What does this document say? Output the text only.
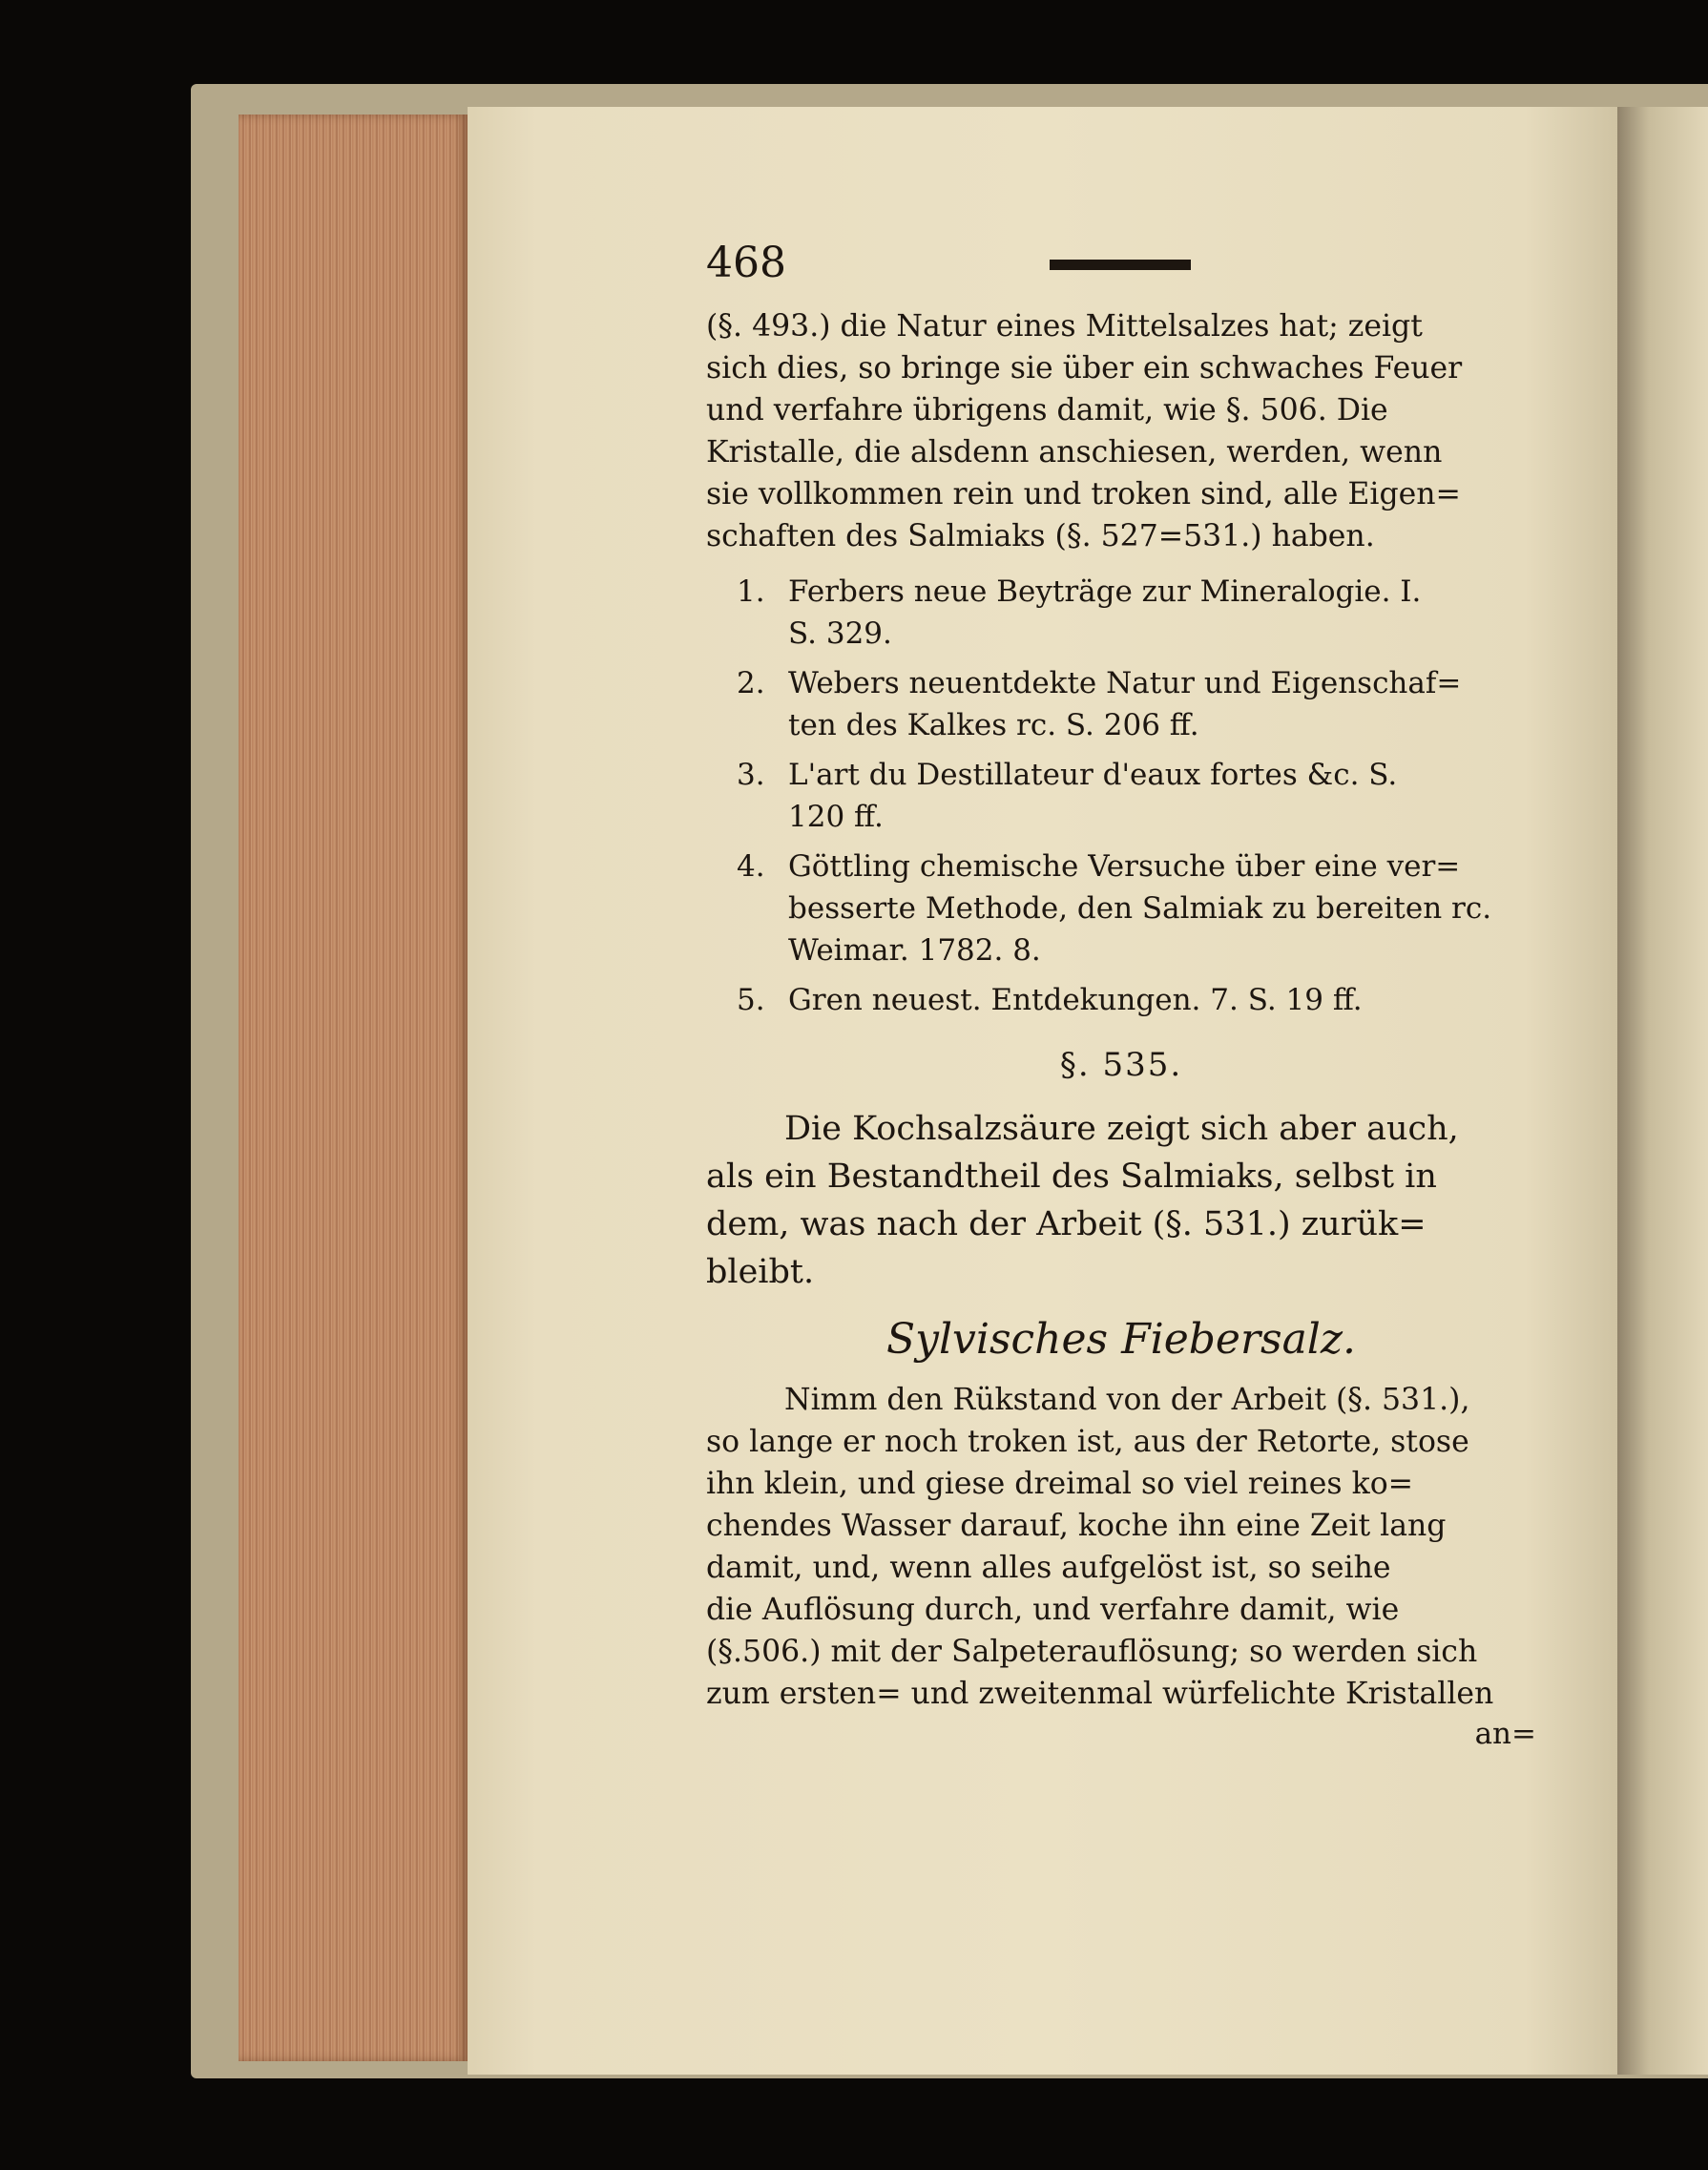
468

(§. 493.) die Natur eines Mittelsalzes hat; zeigt
sich dies, so bringe sie über ein schwaches Feuer
und verfahre übrigens damit, wie §. 506. Die
Kristalle, die alsdenn anschiesen, werden, wenn
sie vollkommen rein und troken sind, alle Eigen=
schaften des Salmiaks (§. 527=531.) haben.

1. Ferbers neue Beyträge zur Mineralogie. I.
S. 329.
2. Webers neuentdekte Natur und Eigenschaf=
ten des Kalkes rc. S. 206 ff.
3. L'art du Destillateur d'eaux fortes &c. S.
120 ff.
4. Göttling chemische Versuche über eine ver=
besserte Methode, den Salmiak zu bereiten rc.
Weimar. 1782. 8.
5. Gren neuest. Entdekungen. 7. S. 19 ff.
§. 535.

Die Kochsalzsäure zeigt sich aber auch,
als ein Bestandtheil des Salmiaks, selbst in
dem, was nach der Arbeit (§. 531.) zurük=
bleibt.

Sylvisches Fiebersalz.

Nimm den Rükstand von der Arbeit (§. 531.),
so lange er noch troken ist, aus der Retorte, stose
ihn klein, und giese dreimal so viel reines ko=
chendes Wasser darauf, koche ihn eine Zeit lang
damit, und, wenn alles aufgelöst ist, so seihe
die Auflösung durch, und verfahre damit, wie
(§.506.) mit der Salpeterauflösung; so werden sich
zum ersten= und zweitenmal würfelichte Kristallen

an=
